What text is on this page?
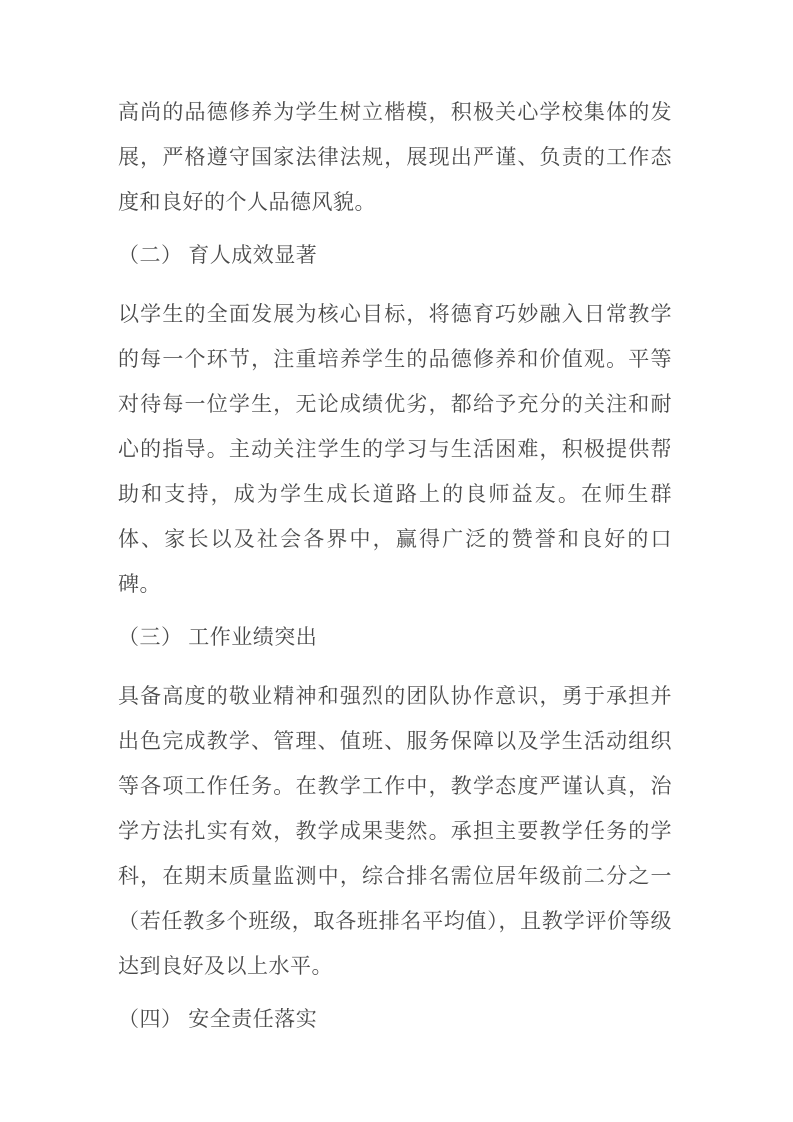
高尚的品德修养为学生树立楷模，积极关心学校集体的发展，严格遵守国家法律法规，展现出严谨、负责的工作态度和良好的个人品德风貌。

（二） 育人成效显著

以学生的全面发展为核心目标，将德育巧妙融入日常教学的每一个环节，注重培养学生的品德修养和价值观。平等对待每一位学生，无论成绩优劣，都给予充分的关注和耐心的指导。主动关注学生的学习与生活困难，积极提供帮助和支持，成为学生成长道路上的良师益友。在师生群体、家长以及社会各界中，赢得广泛的赞誉和良好的口碑。

（三） 工作业绩突出

具备高度的敬业精神和强烈的团队协作意识，勇于承担并出色完成教学、管理、值班、服务保障以及学生活动组织等各项工作任务。在教学工作中，教学态度严谨认真，治学方法扎实有效，教学成果斐然。承担主要教学任务的学科，在期末质量监测中，综合排名需位居年级前二分之一（若任教多个班级，取各班排名平均值），且教学评价等级达到良好及以上水平。

（四） 安全责任落实
